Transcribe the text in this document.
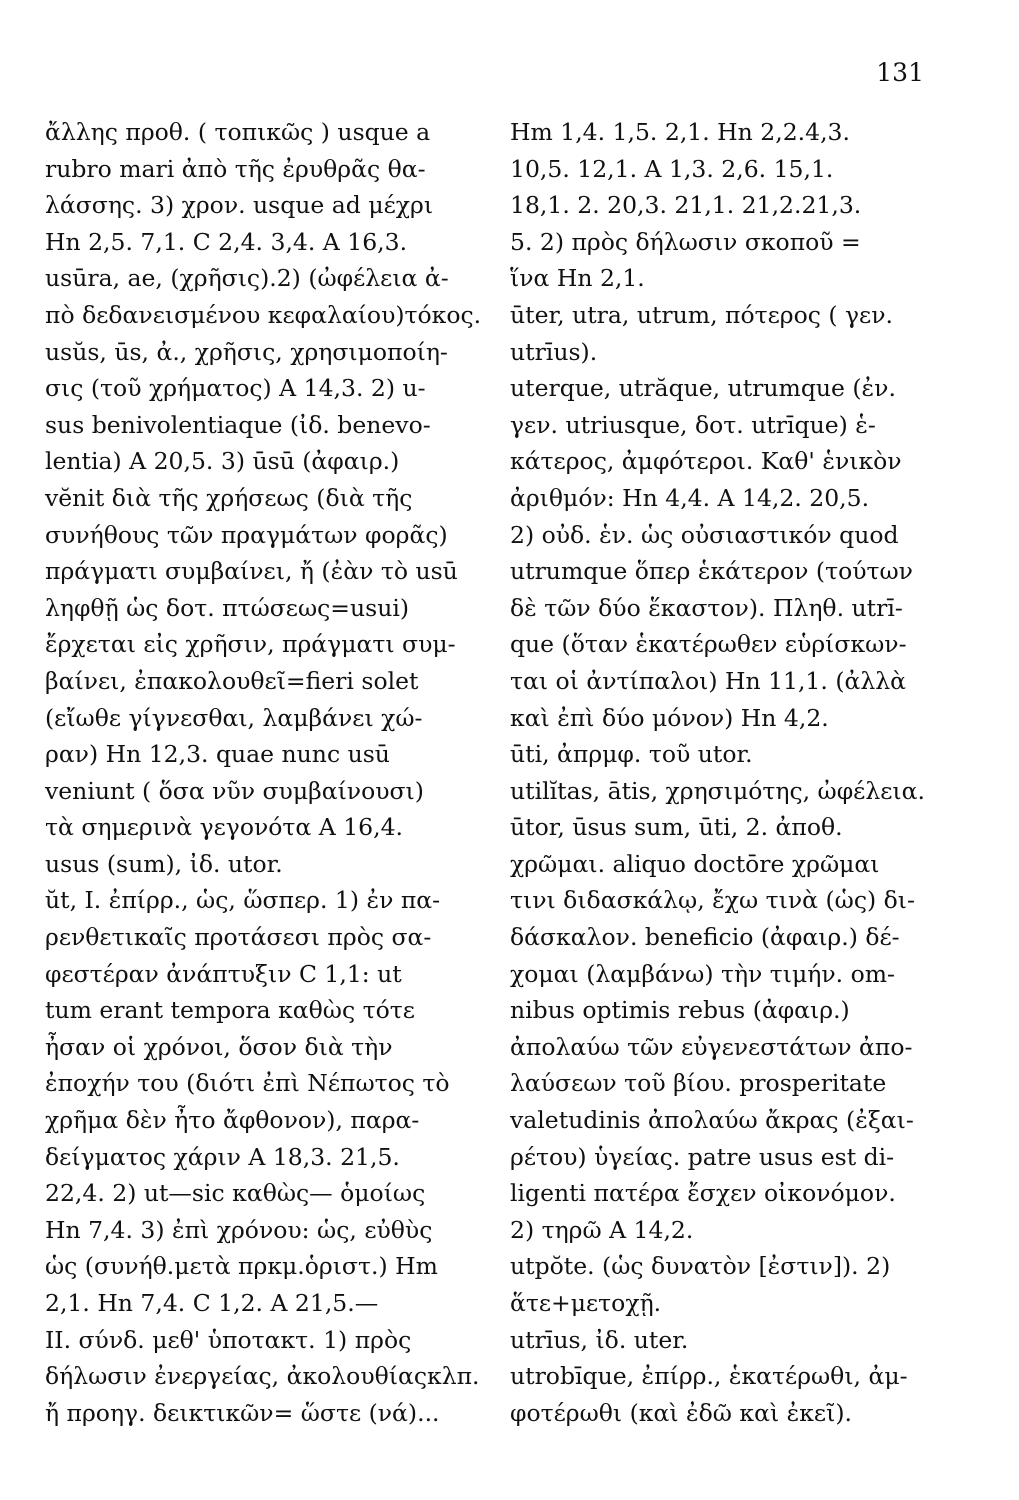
131
ἄλλης προθ. ( τοπικῶς ) usque a
rubro mari ἀπὸ τῆς ἐρυθρᾶς θα-
λάσσης. 3) χρον. usque ad μέχρι
Hn 2,5. 7,1. C 2,4. 3,4. A 16,3.
usūra, ae, (χρῆσις).2) (ὠφέλεια ἀ-
πὸ δεδανεισμένου κεφαλαίου)τόκος.
usŭs, ūs, ἀ., χρῆσις, χρησιμοποίη-
σις (τοῦ χρήματος) A 14,3. 2) u-
sus benivolentiaque (ἰδ. benevo-
lentia) A 20,5. 3) ūsū (ἀφαιρ.)
vĕnit διὰ τῆς χρήσεως (διὰ τῆς
συνήθους τῶν πραγμάτων φορᾶς)
πράγματι συμβαίνει, ἤ (ἐὰν τὸ usū
ληφθῇ ὡς δοτ. πτώσεως=usui)
ἔρχεται εἰς χρῆσιν, πράγματι συμ-
βαίνει, ἐπακολουθεῖ=fieri solet
(εἴωθε γίγνεσθαι, λαμβάνει χώ-
ραν) Hn 12,3. quae nunc usū
veniunt ( ὅσα νῦν συμβαίνουσι)
τὰ σημερινὰ γεγονότα A 16,4.
usus (sum), ἰδ. utor.
ŭt, I. ἐπίρρ., ὡς, ὥσπερ. 1) ἐν πα-
ρενθετικαῖς προτάσεσι πρὸς σα-
φεστέραν ἀνάπτυξιν C 1,1: ut
tum erant tempora καθὼς τότε
ἦσαν οἱ χρόνοι, ὅσον διὰ τὴν
ἐποχήν του (διότι ἐπὶ Νέπωτος τὸ
χρῆμα δὲν ἦτο ἄφθονον), παρα-
δείγματος χάριν A 18,3. 21,5.
22,4. 2) ut—sic καθὼς— ὁμοίως
Hn 7,4. 3) ἐπὶ χρόνου: ὡς, εὐθὺς
ὡς (συνήθ.μετὰ πρκμ.ὁριστ.) Hm
2,1. Hn 7,4. C 1,2. A 21,5.—
II. σύνδ. μεθ' ὑποτακτ. 1) πρὸς
δήλωσιν ἐνεργείας, ἀκολουθίαςκλπ.
ἤ προηγ. δεικτικῶν= ὥστε (νά)...
Hm 1,4. 1,5. 2,1. Hn 2,2.4,3.
10,5. 12,1. A 1,3. 2,6. 15,1.
18,1. 2. 20,3. 21,1. 21,2.21,3.
5. 2) πρὸς δήλωσιν σκοποῦ =
ἵνα Hn 2,1.
ūter, utra, utrum, πότερος ( γεν.
utrīus).
uterque, utrăque, utrumque (ἐν.
γεν. utriusque, δοτ. utrīque) ἑ-
κάτερος, ἀμφότεροι. Καθ' ἑνικὸν
ἀριθμόν: Hn 4,4. A 14,2. 20,5.
2) οὐδ. ἑν. ὡς οὐσιαστικόν quod
utrumque ὅπερ ἑκάτερον (τούτων
δὲ τῶν δύο ἕκαστον). Πληθ. utrī-
que (ὅταν ἑκατέρωθεν εὑρίσκων-
ται οἱ ἀντίπαλοι) Hn 11,1. (ἀλλὰ
καὶ ἐπὶ δύο μόνον) Hn 4,2.
ūti, ἀπρμφ. τοῦ utor.
utilĭtas, ātis, χρησιμότης, ὠφέλεια.
ūtor, ūsus sum, ūti, 2. ἀποθ.
χρῶμαι. aliquo doctōre χρῶμαι
τινι διδασκάλῳ, ἔχω τινὰ (ὡς) δι-
δάσκαλον. beneficio (ἀφαιρ.) δέ-
χομαι (λαμβάνω) τὴν τιμήν. om-
nibus optimis rebus (ἀφαιρ.)
ἀπολαύω τῶν εὐγενεστάτων ἀπο-
λαύσεων τοῦ βίου. prosperitate
valetudinis ἀπολαύω ἄκρας (ἐξαι-
ρέτου) ὑγείας. patre usus est di-
ligenti πατέρα ἔσχεν οἰκονόμον.
2) τηρῶ A 14,2.
utpŏte. (ὡς δυνατὸν [ἐστιν]). 2)
ἅτε+μετοχῇ.
utrīus, ἰδ. uter.
utrobīque, ἐπίρρ., ἑκατέρωθι, ἀμ-
φοτέρωθι (καὶ ἐδῶ καὶ ἐκεῖ).
